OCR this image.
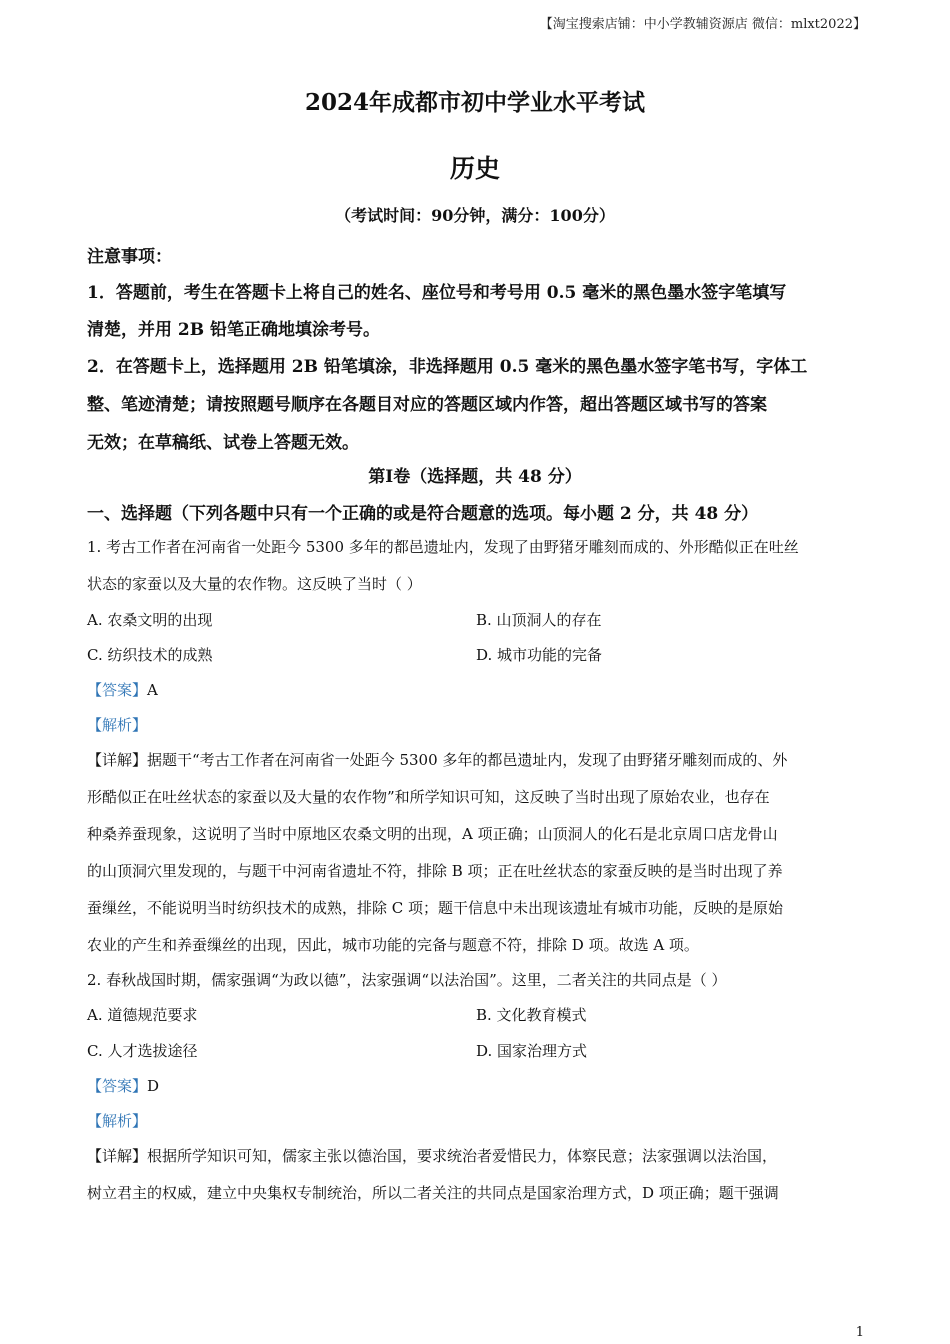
【淘宝搜索店铺：中小学教辅资源店 微信：mlxt2022】
2024年成都市初中学业水平考试
历史
（考试时间：90分钟，满分：100分）
注意事项：
1．答题前，考生在答题卡上将自己的姓名、座位号和考号用 0.5 毫米的黑色墨水签字笔填写
清楚，并用 2B 铅笔正确地填涂考号。
2．在答题卡上，选择题用 2B 铅笔填涂，非选择题用 0.5 毫米的黑色墨水签字笔书写，字体工
整、笔迹清楚；请按照题号顺序在各题目对应的答题区域内作答，超出答题区域书写的答案
无效；在草稿纸、试卷上答题无效。
第Ⅰ卷（选择题，共 48 分）
一、选择题（下列各题中只有一个正确的或是符合题意的选项。每小题 2 分，共 48 分）
1. 考古工作者在河南省一处距今 5300 多年的都邑遗址内，发现了由野猪牙雕刻而成的、外形酷似正在吐丝
状态的家蚕以及大量的农作物。这反映了当时（ ）
A. 农桑文明的出现	B. 山顶洞人的存在
C. 纺织技术的成熟	D. 城市功能的完备
【答案】A
【解析】
【详解】据题干“考古工作者在河南省一处距今 5300 多年的都邑遗址内，发现了由野猪牙雕刻而成的、外
形酷似正在吐丝状态的家蚕以及大量的农作物”和所学知识可知，这反映了当时出现了原始农业，也存在
种桑养蚕现象，这说明了当时中原地区农桑文明的出现，A 项正确；山顶洞人的化石是北京周口店龙骨山
的山顶洞穴里发现的，与题干中河南省遗址不符，排除 B 项；正在吐丝状态的家蚕反映的是当时出现了养
蚕缫丝，不能说明当时纺织技术的成熟，排除 C 项；题干信息中未出现该遗址有城市功能，反映的是原始
农业的产生和养蚕缫丝的出现，因此，城市功能的完备与题意不符，排除 D 项。故选 A 项。
2. 春秋战国时期，儒家强调“为政以德”，法家强调“以法治国”。这里，二者关注的共同点是（ ）
A. 道德规范要求	B. 文化教育模式
C. 人才选拔途径	D. 国家治理方式
【答案】D
【解析】
【详解】根据所学知识可知，儒家主张以德治国，要求统治者爱惜民力，体察民意；法家强调以法治国，
树立君主的权威，建立中央集权专制统治，所以二者关注的共同点是国家治理方式，D 项正确；题干强调
1
